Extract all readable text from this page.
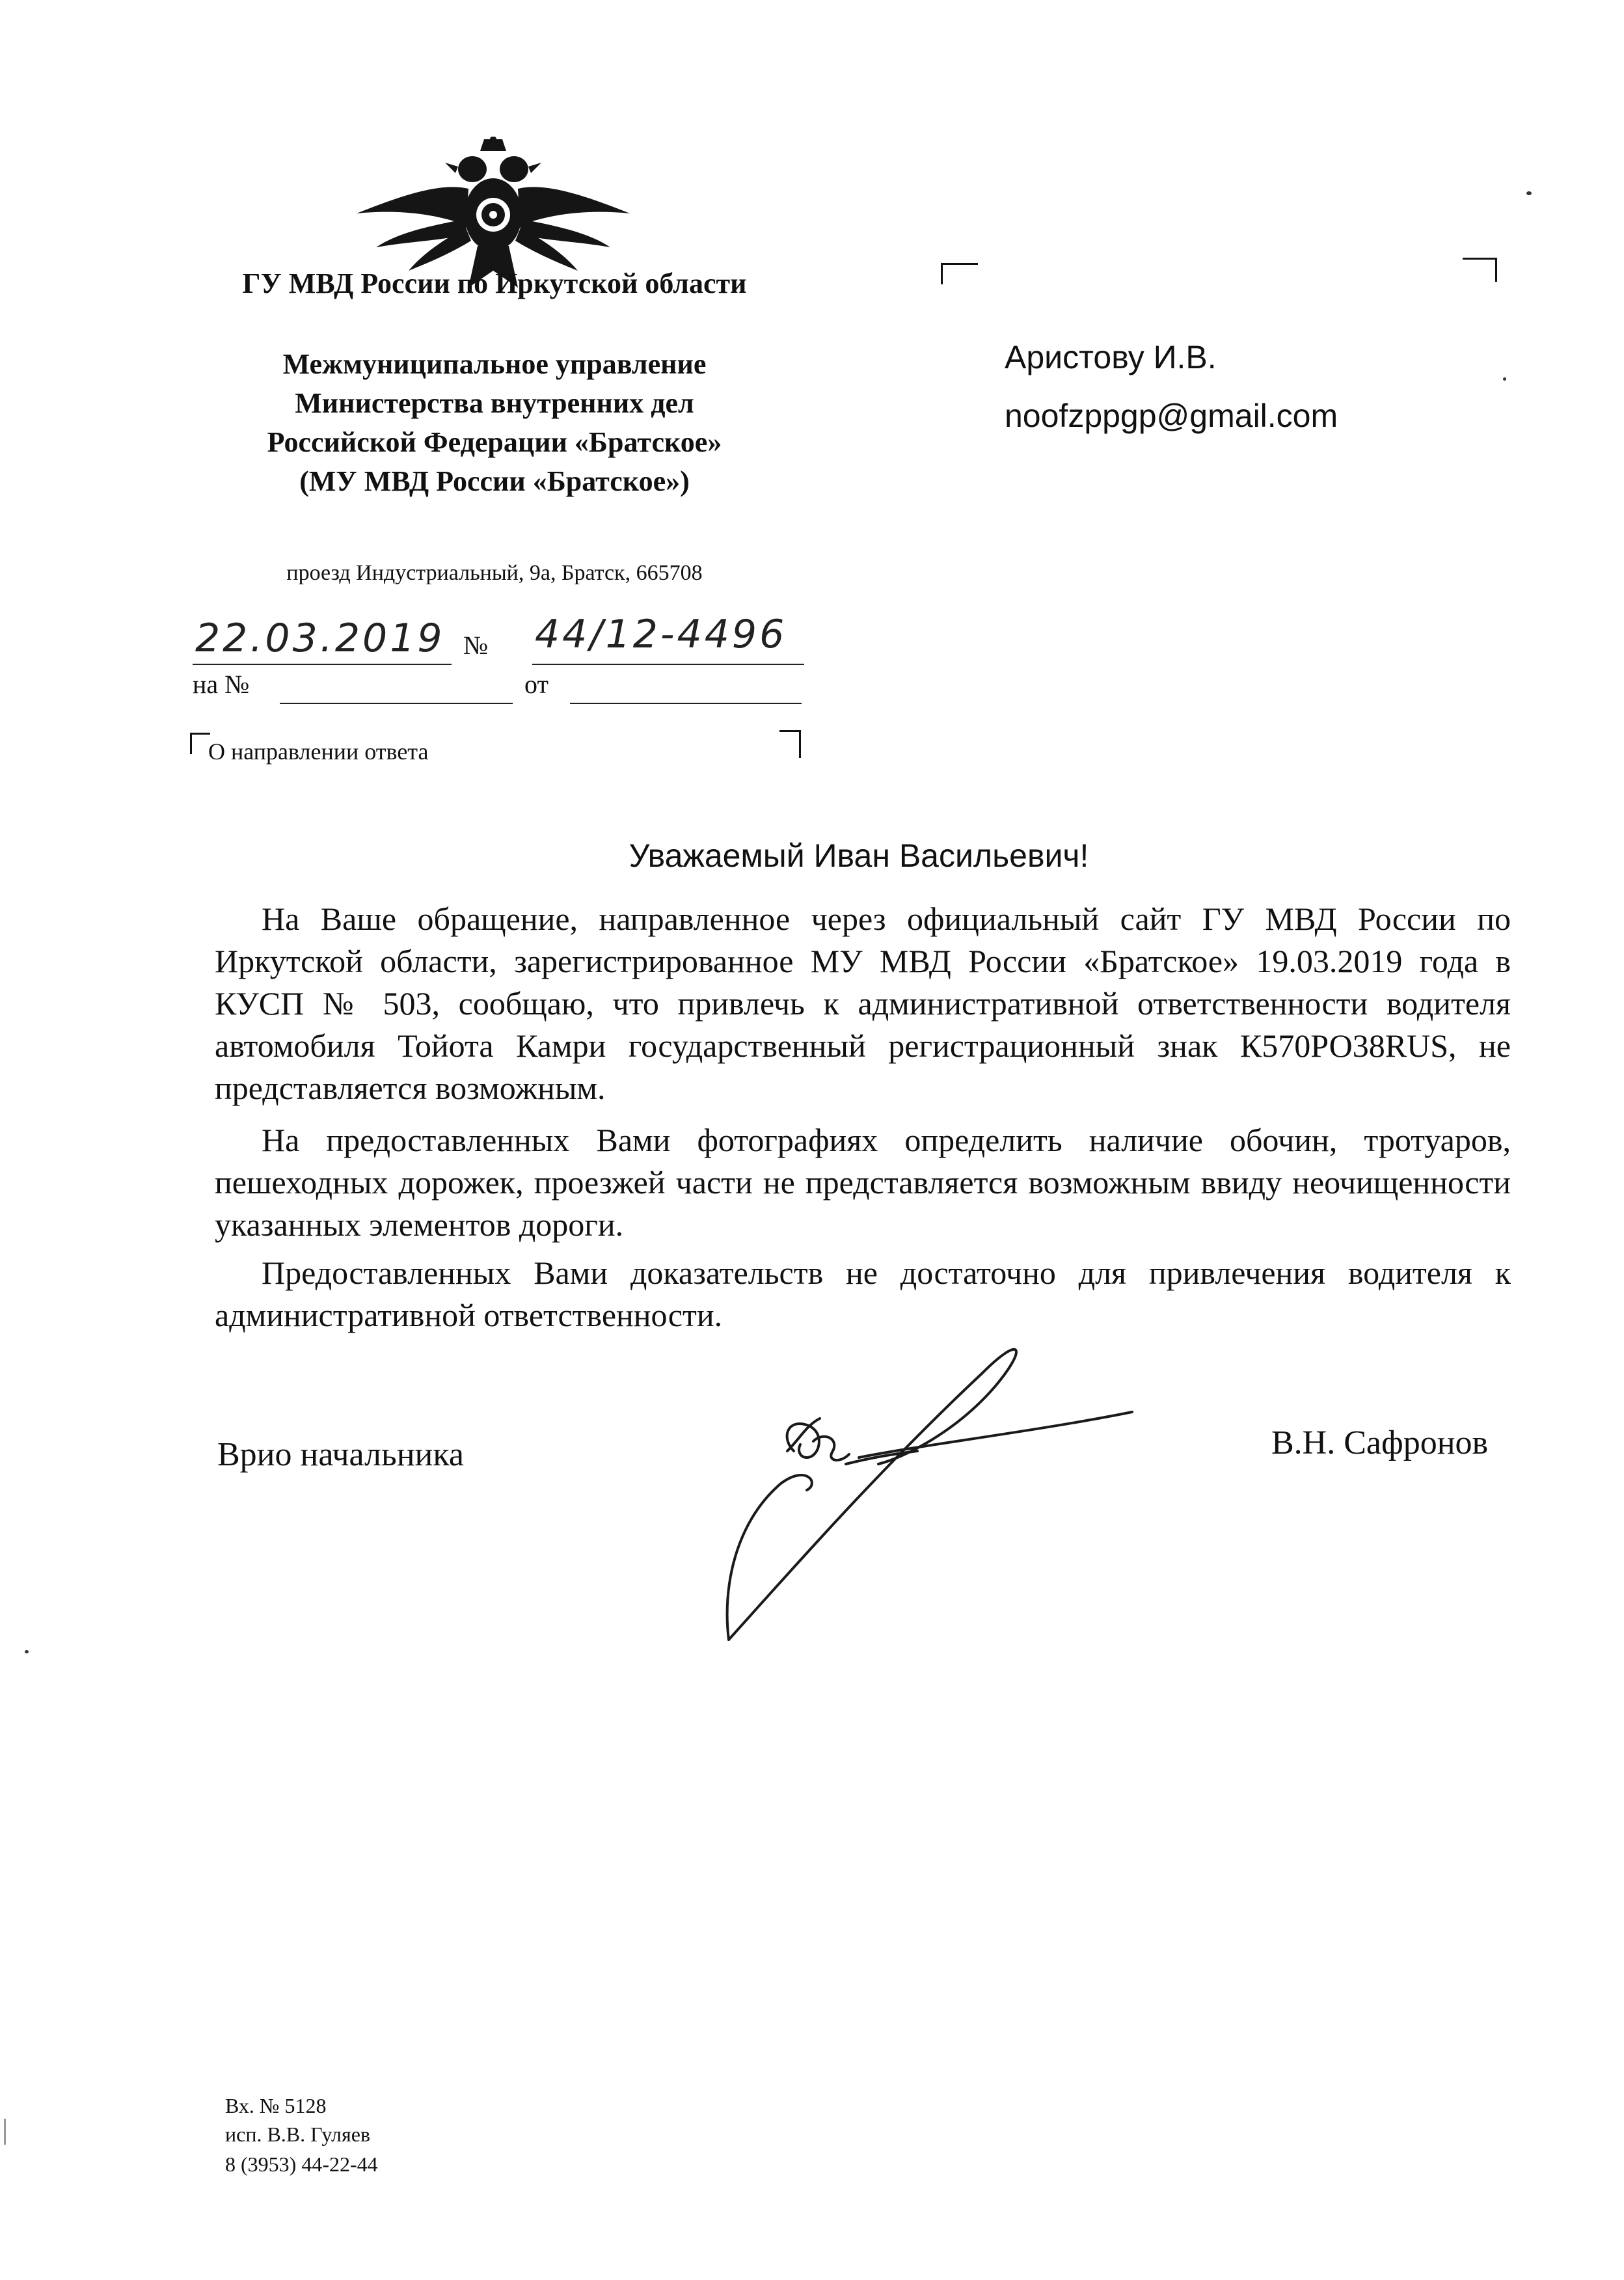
ГУ МВД России по Иркутской области
Межмуниципальное управление
Министерства внутренних дел
Российской Федерации «Братское»
(МУ МВД России «Братское»)
проезд Индустриальный, 9а, Братск, 665708
22.03.2019 № 44/12-4496
на №	от
О направлении ответа
Аристову И.В.
noofzppgp@gmail.com
Уважаемый Иван Васильевич!
На Ваше обращение, направленное через официальный сайт ГУ МВД России по Иркутской области, зарегистрированное МУ МВД России «Братское» 19.03.2019 года в КУСП № 503, сообщаю, что привлечь к административной ответственности водителя автомобиля Тойота Камри государственный регистрационный знак К570РО38RUS, не представляется возможным.
На предоставленных Вами фотографиях определить наличие обочин, тротуаров, пешеходных дорожек, проезжей части не представляется возможным ввиду неочищенности указанных элементов дороги.
Предоставленных Вами доказательств не достаточно для привлечения водителя к административной ответственности.
Врио начальника	В.Н. Сафронов
Вх. № 5128
исп. В.В. Гуляев
8 (3953) 44-22-44
